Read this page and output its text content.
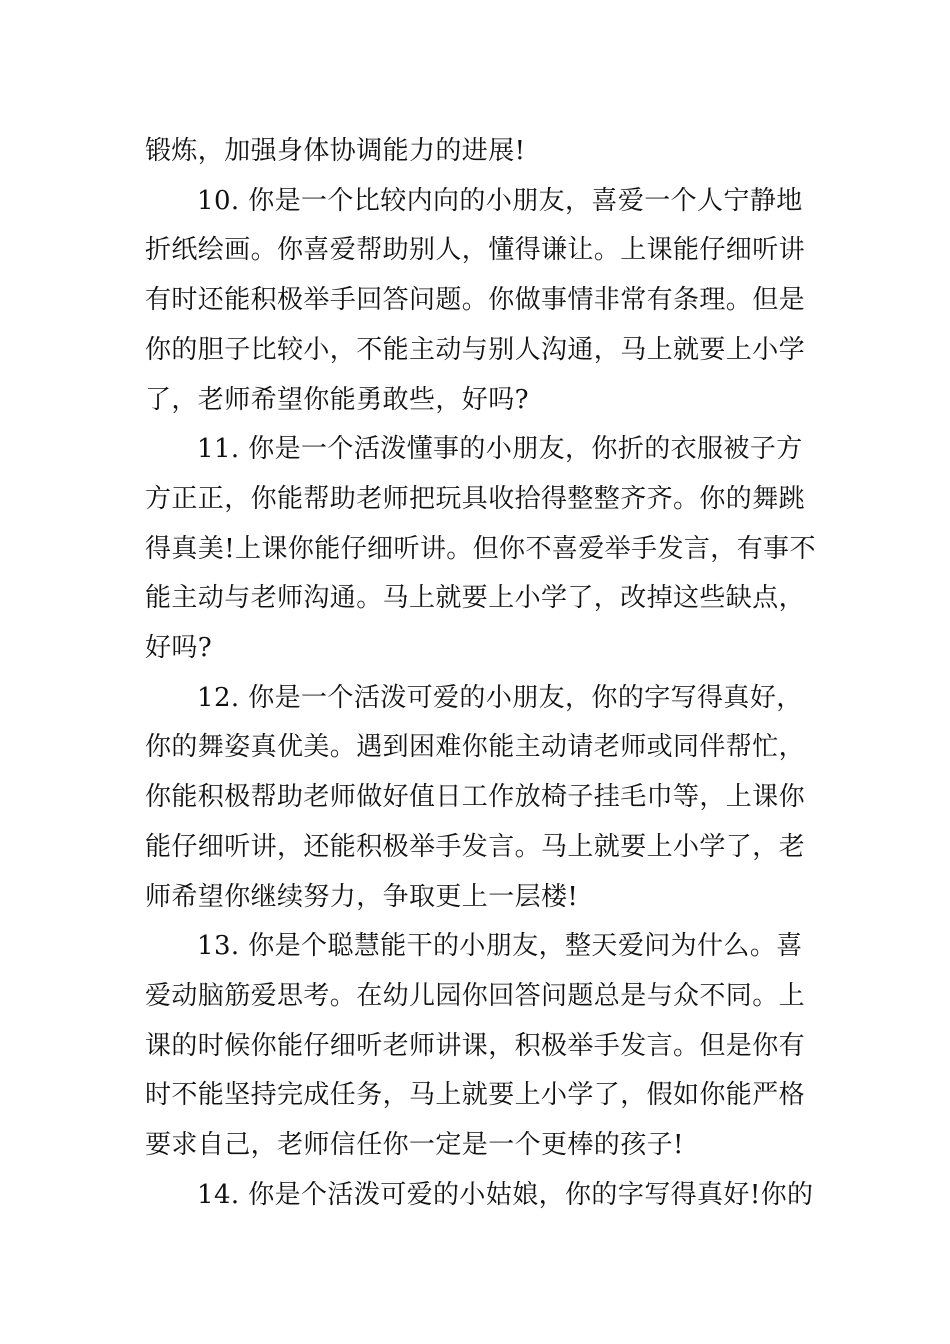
锻炼，加强身体协调能力的进展!
10. 你是一个比较内向的小朋友，喜爱一个人宁静地
折纸绘画。你喜爱帮助别人，懂得谦让。上课能仔细听讲
有时还能积极举手回答问题。你做事情非常有条理。但是
你的胆子比较小，不能主动与别人沟通，马上就要上小学
了，老师希望你能勇敢些，好吗?
11. 你是一个活泼懂事的小朋友，你折的衣服被子方
方正正，你能帮助老师把玩具收拾得整整齐齐。你的舞跳
得真美!上课你能仔细听讲。但你不喜爱举手发言，有事不
能主动与老师沟通。马上就要上小学了，改掉这些缺点，
好吗?
12. 你是一个活泼可爱的小朋友，你的字写得真好，
你的舞姿真优美。遇到困难你能主动请老师或同伴帮忙，
你能积极帮助老师做好值日工作放椅子挂毛巾等，上课你
能仔细听讲，还能积极举手发言。马上就要上小学了，老
师希望你继续努力，争取更上一层楼!
13. 你是个聪慧能干的小朋友，整天爱问为什么。喜
爱动脑筋爱思考。在幼儿园你回答问题总是与众不同。上
课的时候你能仔细听老师讲课，积极举手发言。但是你有
时不能坚持完成任务，马上就要上小学了，假如你能严格
要求自己，老师信任你一定是一个更棒的孩子!
14. 你是个活泼可爱的小姑娘，你的字写得真好!你的
